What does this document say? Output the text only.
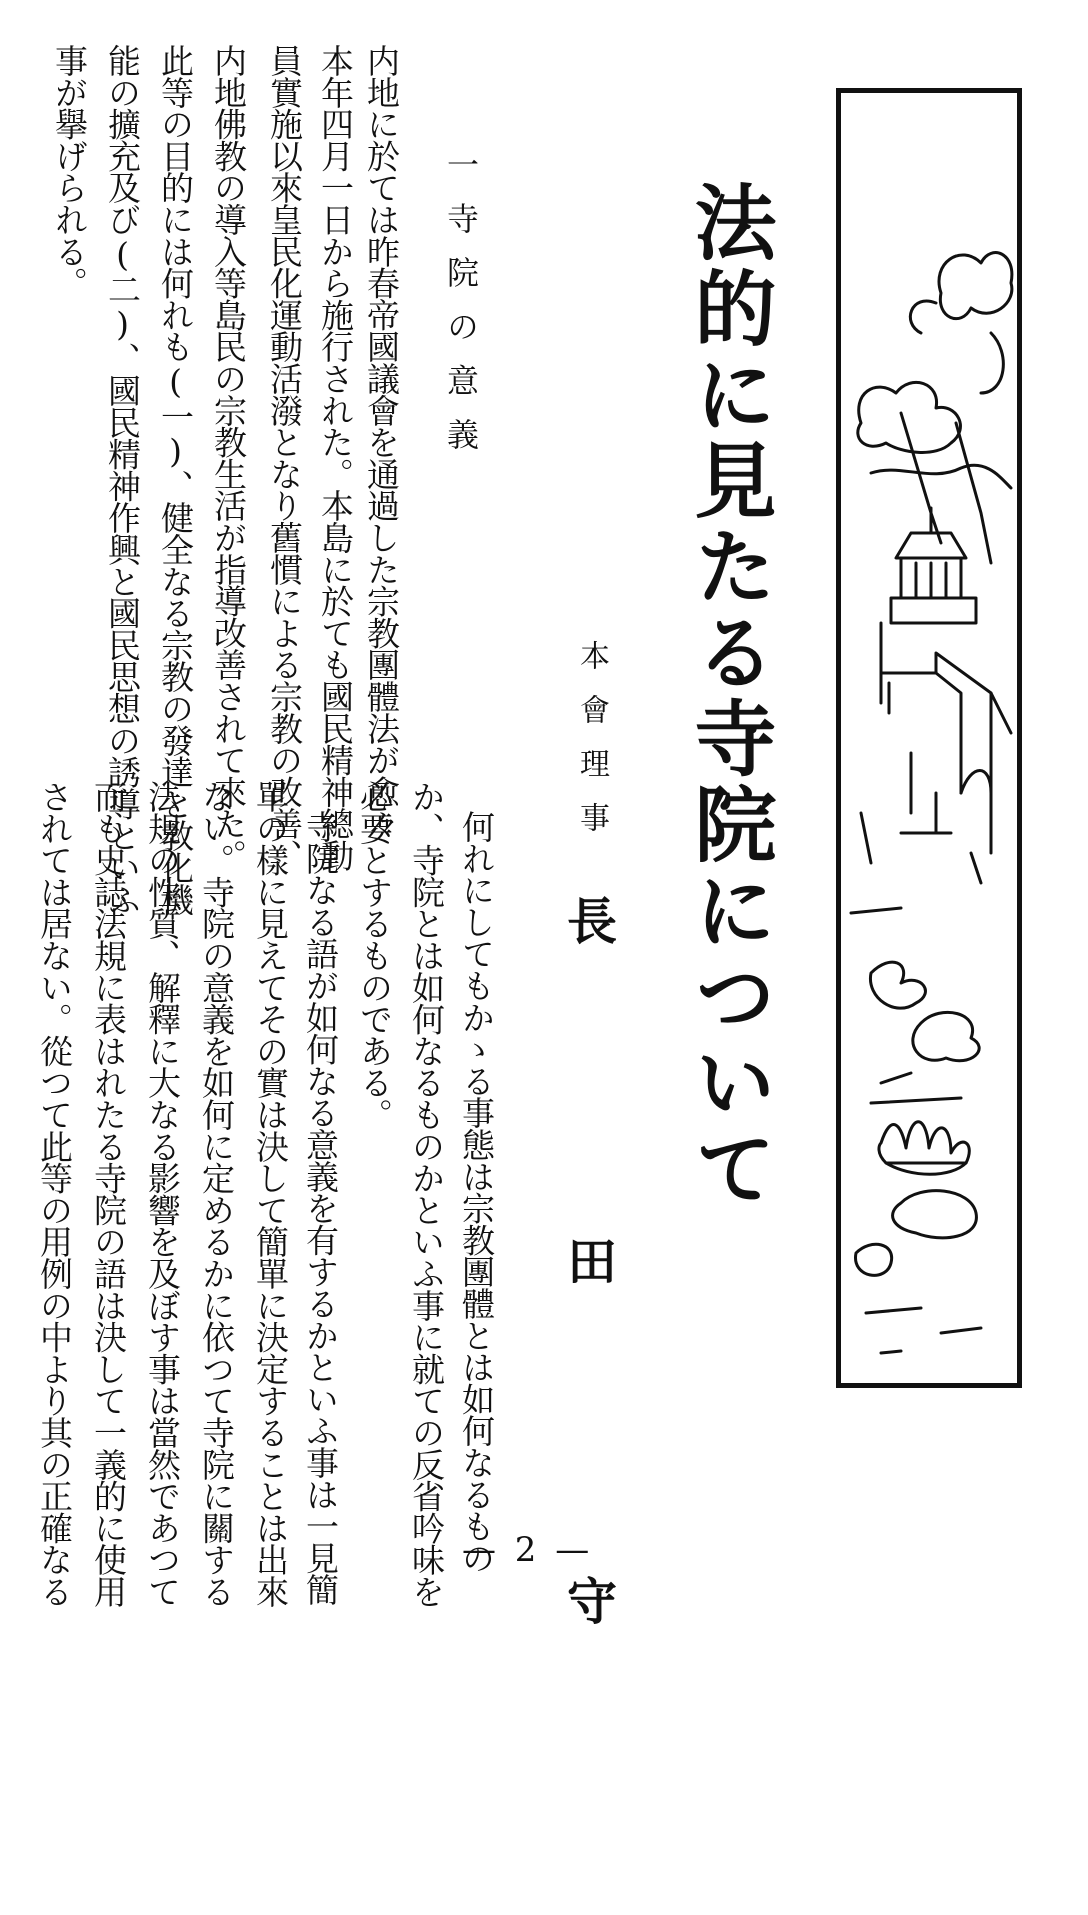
法的に見たる寺院について
本會理事
長田守
一寺院の意義
内地に於ては昨春帝國議會を通過した宗教團體法が愈々
本年四月一日から施行された。本島に於ても國民精神總動
員實施以來皇民化運動活潑となり舊慣による宗教の改善、
内地佛教の導入等島民の宗教生活が指導改善されて來た。
此等の目的には何れも(一)、健全なる宗教の發達と教化機
能の擴充及び(二)、國民精神作興と國民思想の誘導といふ
事が擧げられる。
何れにしてもかゝる事態は宗教團體とは如何なるもの
か、寺院とは如何なるものかといふ事に就ての反省吟味を
必要とするものである。
寺院なる語が如何なる意義を有するかといふ事は一見簡
單の樣に見えてその實は決して簡單に決定することは出來
ない。寺院の意義を如何に定めるかに依つて寺院に關する
法規の性質、解釋に大なる影響を及ぼす事は當然であつて
而も史誌法規に表はれたる寺院の語は決して一義的に使用
されては居ない。從つて此等の用例の中より其の正確なる	— 2 —
